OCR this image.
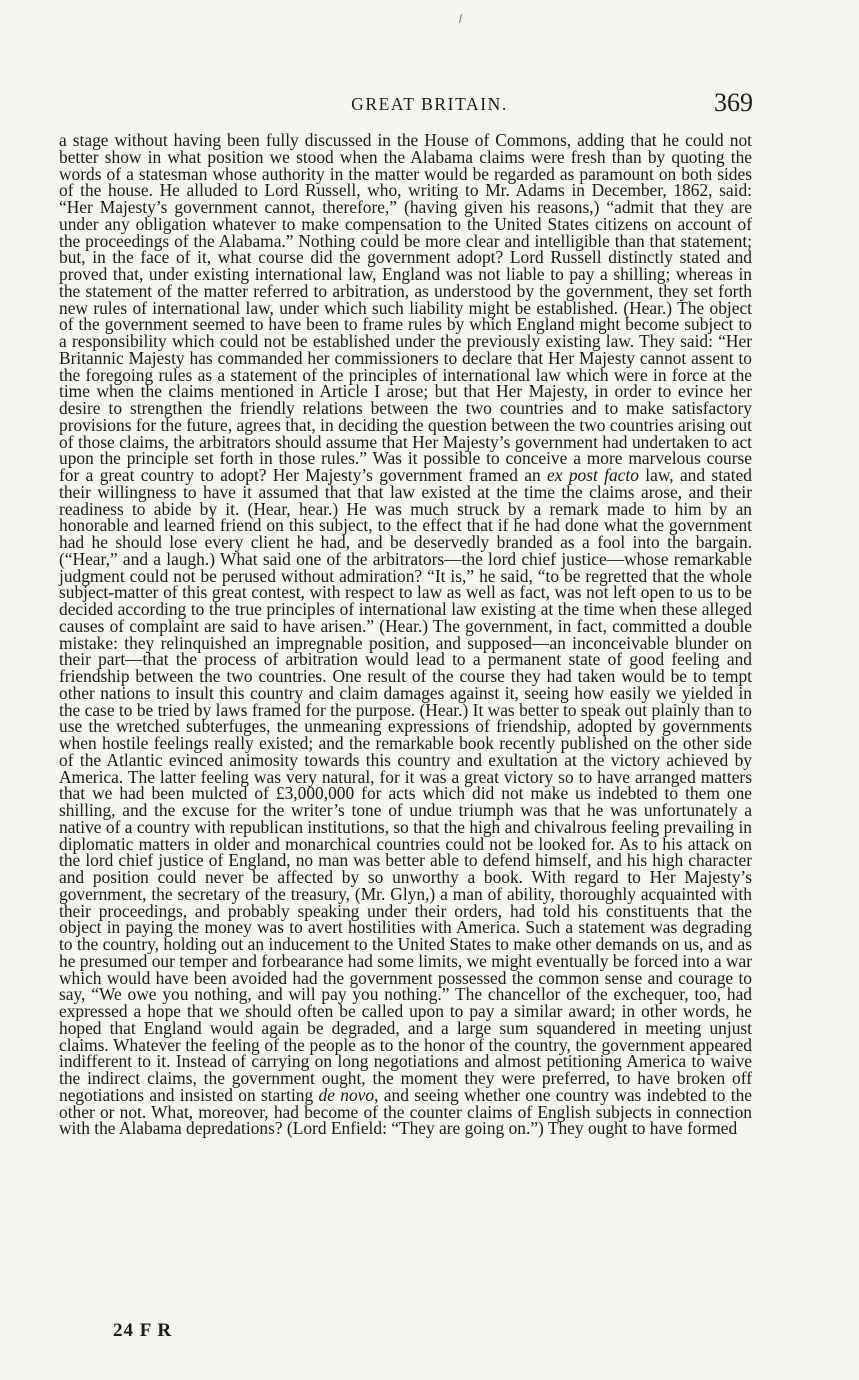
GREAT BRITAIN.	369

a stage without having been fully discussed in the House of Commons, adding that he could not better show in what position we stood when the Alabama claims were fresh than by quoting the words of a statesman whose authority in the matter would be regarded as paramount on both sides of the house. He alluded to Lord Russell, who, writing to Mr. Adams in December, 1862, said: “Her Majesty’s government cannot, therefore,” (having given his reasons,) “admit that they are under any obligation whatever to make compensation to the United States citizens on account of the proceedings of the Alabama.” Nothing could be more clear and intelligible than that statement; but, in the face of it, what course did the government adopt? Lord Russell distinctly stated and proved that, under existing international law, England was not liable to pay a shilling; whereas in the statement of the matter referred to arbitration, as understood by the government, they set forth new rules of international law, under which such liability might be established. (Hear.) The object of the government seemed to have been to frame rules by which England might become subject to a responsibility which could not be established under the previously existing law. They said: “Her Britannic Majesty has commanded her commissioners to declare that Her Majesty cannot assent to the foregoing rules as a statement of the principles of international law which were in force at the time when the claims mentioned in Article I arose; but that Her Majesty, in order to evince her desire to strengthen the friendly relations between the two countries and to make satisfactory provisions for the future, agrees that, in deciding the question between the two countries arising out of those claims, the arbitrators should assume that Her Majesty’s government had undertaken to act upon the principle set forth in those rules.” Was it possible to conceive a more marvelous course for a great country to adopt? Her Majesty’s government framed an ex post facto law, and stated their willingness to have it assumed that that law existed at the time the claims arose, and their readiness to abide by it. (Hear, hear.) He was much struck by a remark made to him by an honorable and learned friend on this subject, to the effect that if he had done what the government had he should lose every client he had, and be deservedly branded as a fool into the bargain. (“Hear,” and a laugh.) What said one of the arbitrators—the lord chief justice—whose remarkable judgment could not be perused without admiration? “It is,” he said, “to be regretted that the whole subject-matter of this great contest, with respect to law as well as fact, was not left open to us to be decided according to the true principles of international law existing at the time when these alleged causes of complaint are said to have arisen.” (Hear.) The government, in fact, committed a double mistake: they relinquished an impregnable position, and supposed—an inconceivable blunder on their part—that the process of arbitration would lead to a permanent state of good feeling and friendship between the two countries. One result of the course they had taken would be to tempt other nations to insult this country and claim damages against it, seeing how easily we yielded in the case to be tried by laws framed for the purpose. (Hear.) It was better to speak out plainly than to use the wretched subterfuges, the unmeaning expressions of friendship, adopted by governments when hostile feelings really existed; and the remarkable book recently published on the other side of the Atlantic evinced animosity towards this country and exultation at the victory achieved by America. The latter feeling was very natural, for it was a great victory so to have arranged matters that we had been mulcted of £3,000,000 for acts which did not make us indebted to them one shilling, and the excuse for the writer’s tone of undue triumph was that he was unfortunately a native of a country with republican institutions, so that the high and chivalrous feeling prevailing in diplomatic matters in older and monarchical countries could not be looked for. As to his attack on the lord chief justice of England, no man was better able to defend himself, and his high character and position could never be affected by so unworthy a book. With regard to Her Majesty’s government, the secretary of the treasury, (Mr. Glyn,) a man of ability, thoroughly acquainted with their proceedings, and probably speaking under their orders, had told his constituents that the object in paying the money was to avert hostilities with America. Such a statement was degrading to the country, holding out an inducement to the United States to make other demands on us, and as he presumed our temper and forbearance had some limits, we might eventually be forced into a war which would have been avoided had the government possessed the common sense and courage to say, “We owe you nothing, and will pay you nothing.” The chancellor of the exchequer, too, had expressed a hope that we should often be called upon to pay a similar award; in other words, he hoped that England would again be degraded, and a large sum squandered in meeting unjust claims. Whatever the feeling of the people as to the honor of the country, the government appeared indifferent to it. Instead of carrying on long negotiations and almost petitioning America to waive the indirect claims, the government ought, the moment they were preferred, to have broken off negotiations and insisted on starting de novo, and seeing whether one country was indebted to the other or not. What, moreover, had become of the counter claims of English subjects in connection with the Alabama depredations? (Lord Enfield: “They are going on.”) They ought to have formed

24 F R
